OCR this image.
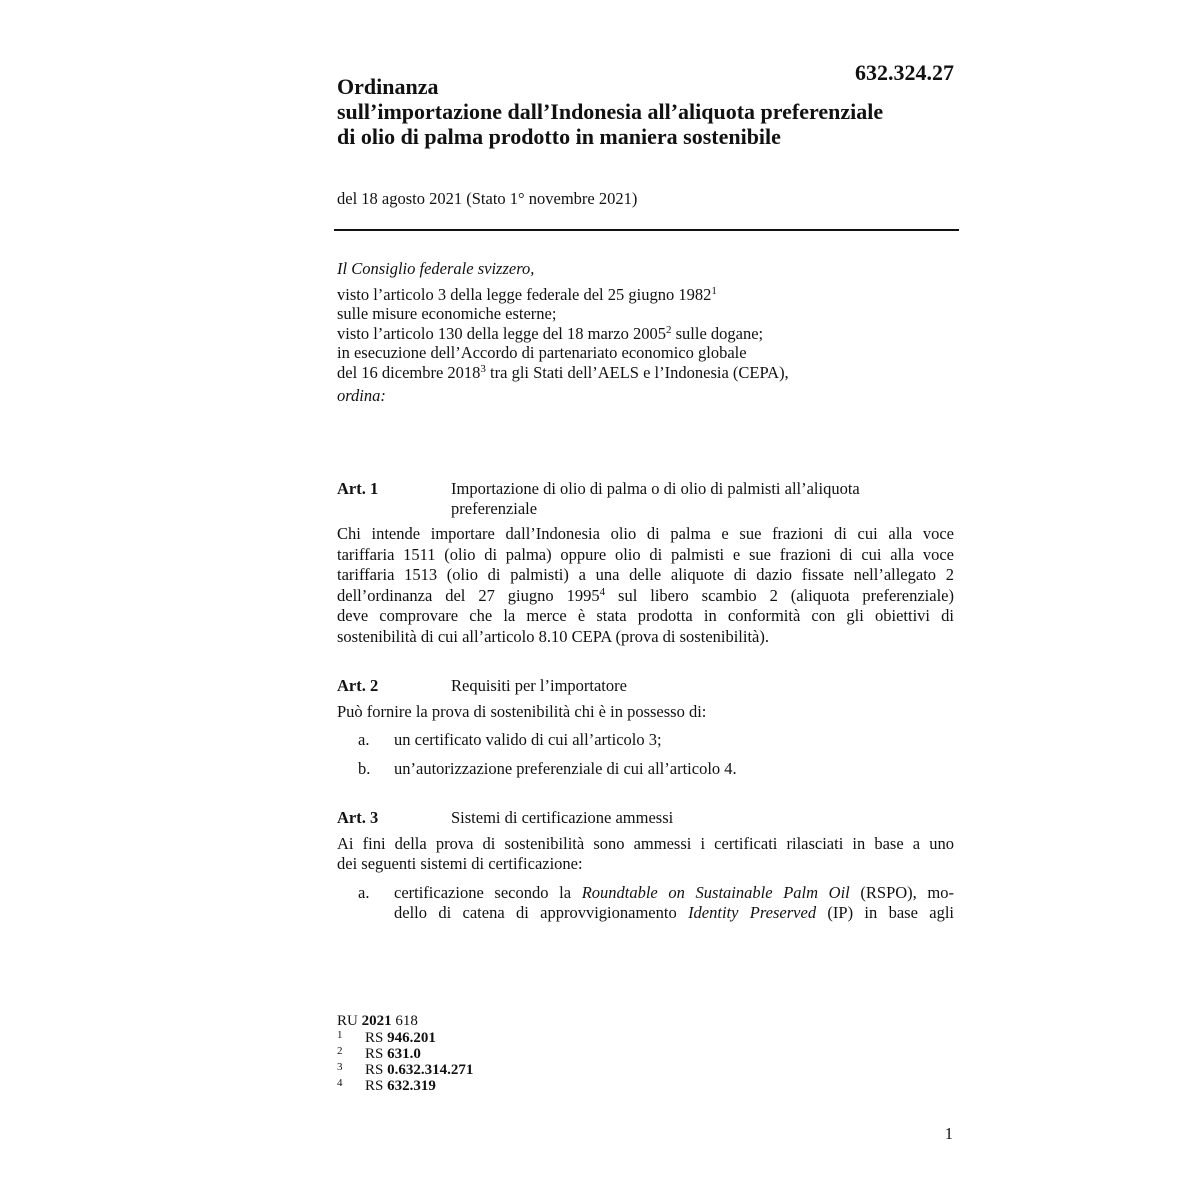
632.324.27
Ordinanza
sull’importazione dall’Indonesia all’aliquota preferenziale
di olio di palma prodotto in maniera sostenibile
del 18 agosto 2021 (Stato 1° novembre 2021)
Il Consiglio federale svizzero,
visto l’articolo 3 della legge federale del 25 giugno 1982$^1$
sulle misure economiche esterne;
visto l’articolo 130 della legge del 18 marzo 2005$^2$ sulle dogane;
in esecuzione dell’Accordo di partenariato economico globale
del 16 dicembre 2018$^3$ tra gli Stati dell’AELS e l’Indonesia (CEPA),
ordina:
Art. 1	Importazione di olio di palma o di olio di palmisti all’aliquota
preferenziale
Chi intende importare dall’Indonesia olio di palma e sue frazioni di cui alla voce
tariffaria 1511 (olio di palma) oppure olio di palmisti e sue frazioni di cui alla voce
tariffaria 1513 (olio di palmisti) a una delle aliquote di dazio fissate nell’allegato 2
dell’ordinanza del 27 giugno 1995$^4$ sul libero scambio 2 (aliquota preferenziale)
deve comprovare che la merce è stata prodotta in conformità con gli obiettivi di
sostenibilità di cui all’articolo 8.10 CEPA (prova di sostenibilità).
Art. 2	Requisiti per l’importatore
Può fornire la prova di sostenibilità chi è in possesso di:
a. un certificato valido di cui all’articolo 3;
b. un’autorizzazione preferenziale di cui all’articolo 4.
Art. 3	Sistemi di certificazione ammessi
Ai fini della prova di sostenibilità sono ammessi i certificati rilasciati in base a uno
dei seguenti sistemi di certificazione:
a. certificazione secondo la Roundtable on Sustainable Palm Oil (RSPO), mo-
dello di catena di approvvigionamento Identity Preserved (IP) in base agli
RU 2021 618
1 RS 946.201
2 RS 631.0
3 RS 0.632.314.271
4 RS 632.319
1
